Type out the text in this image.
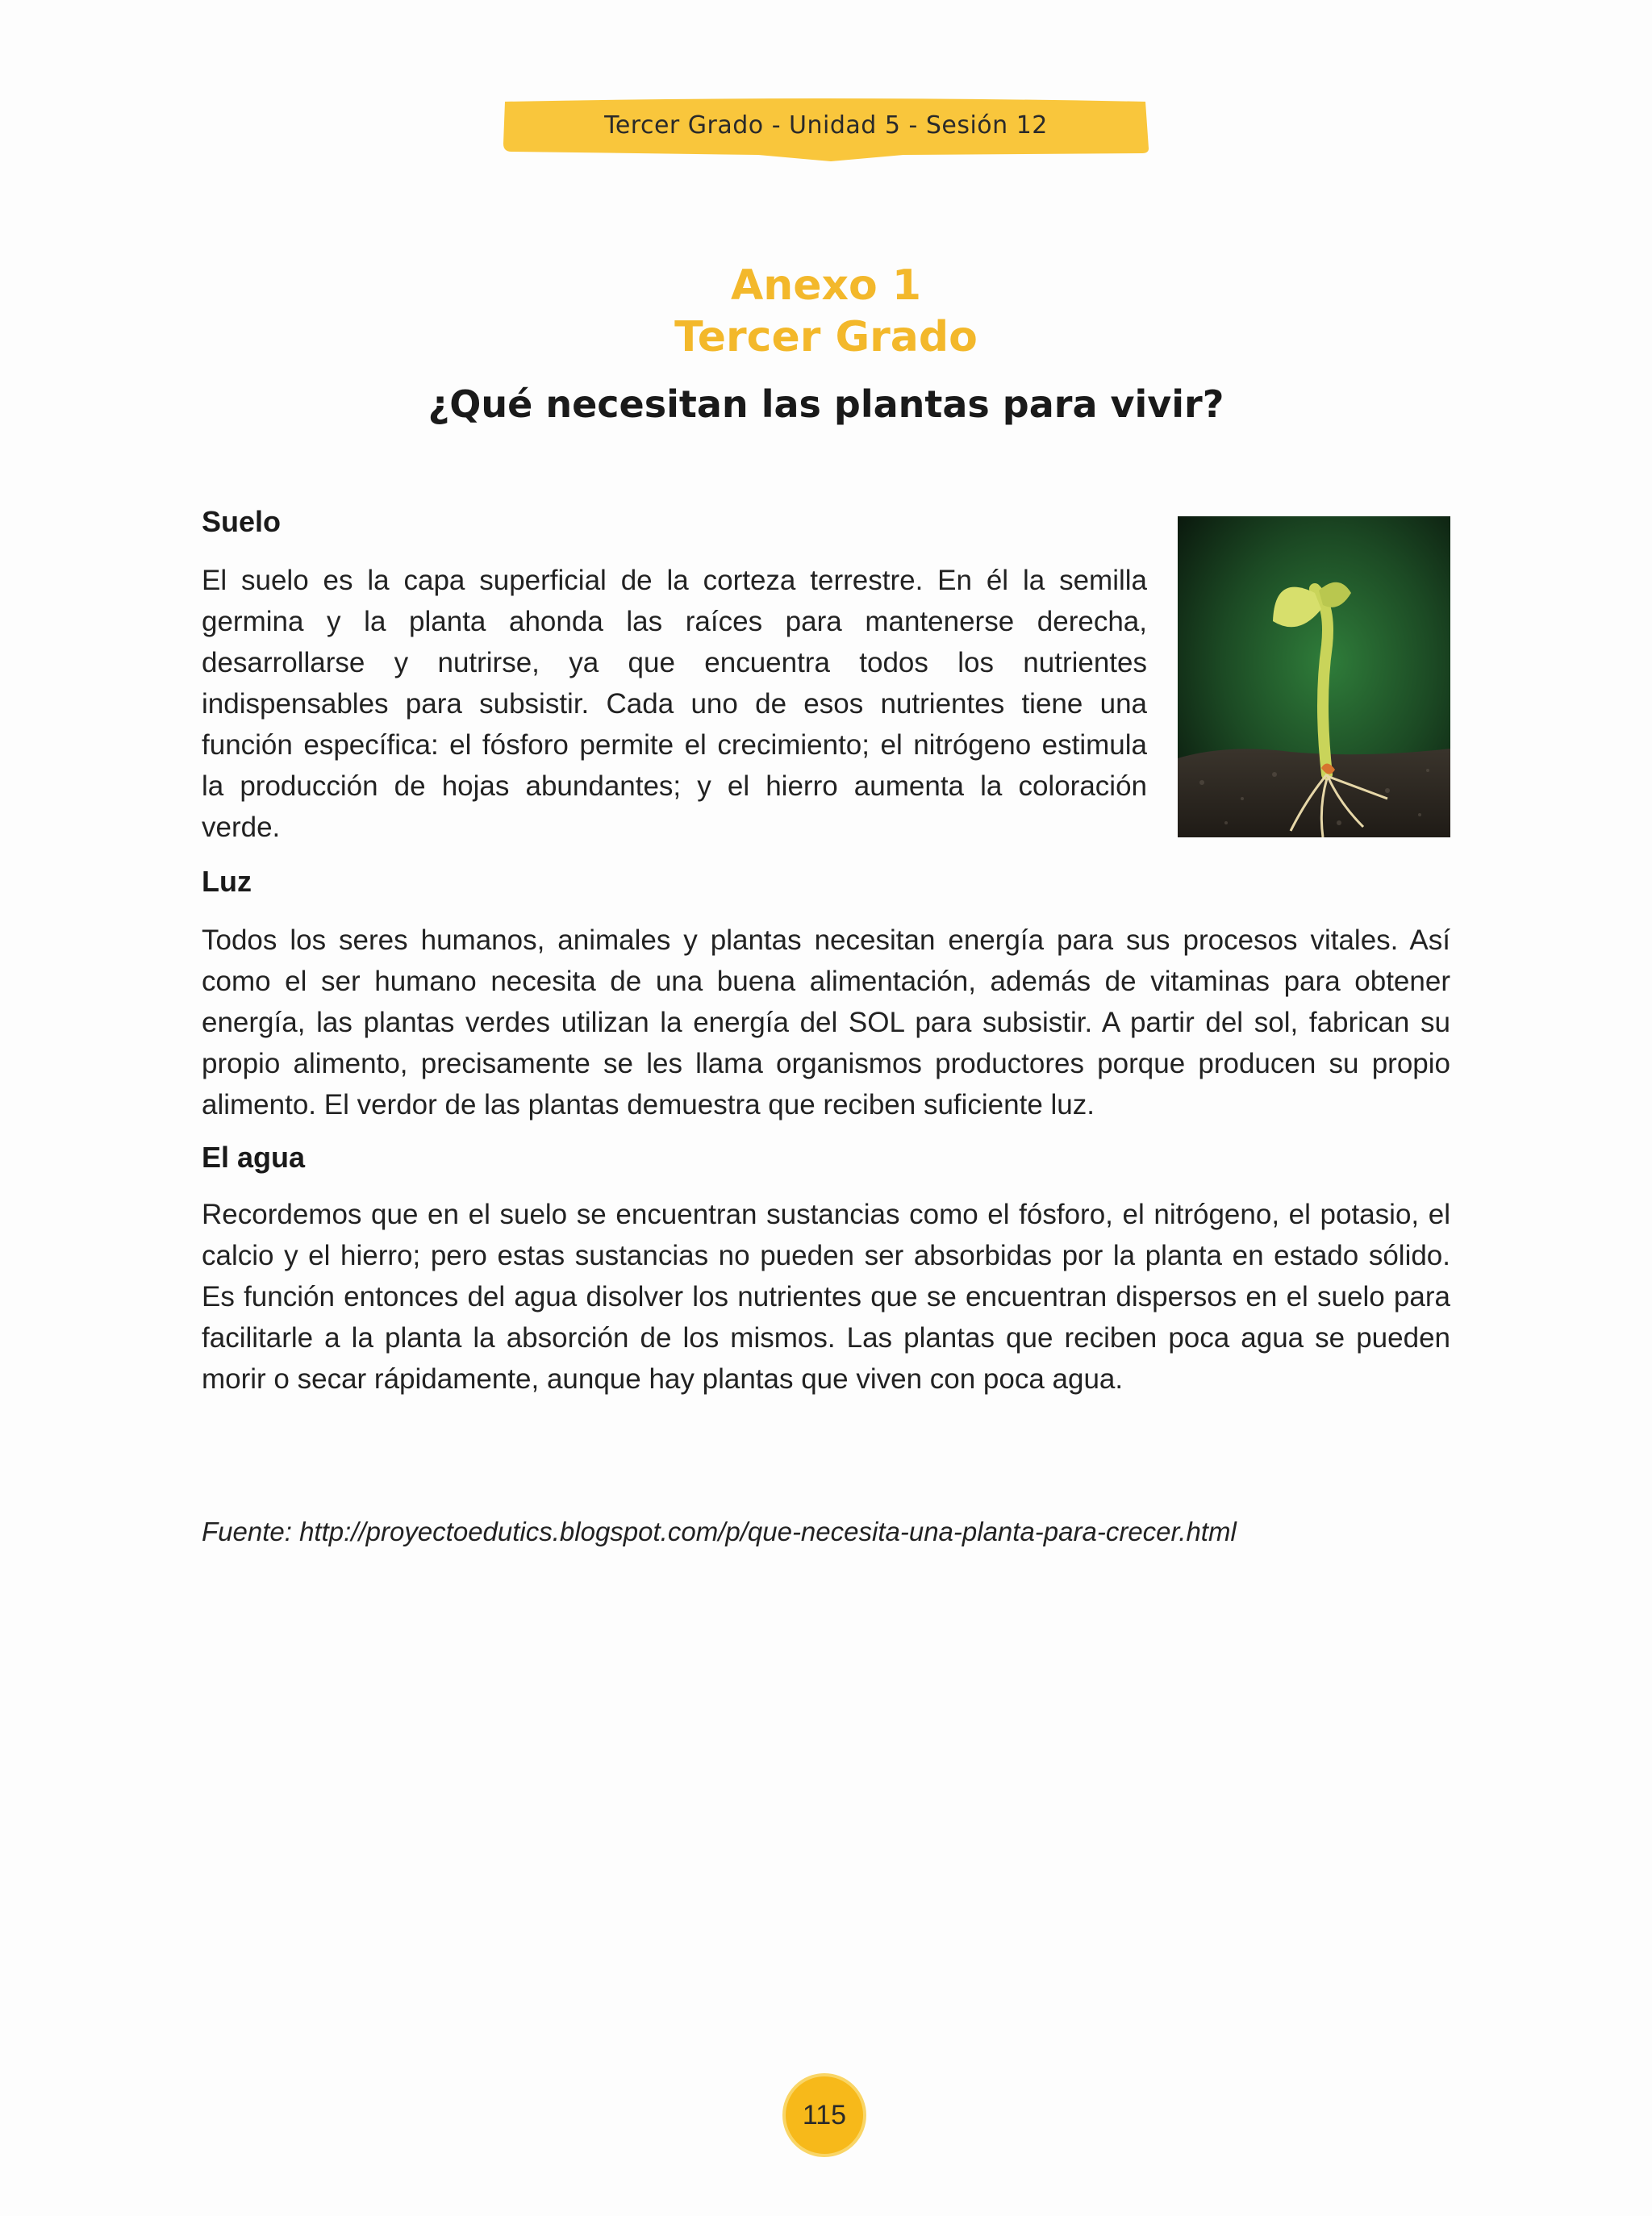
Tercer Grado - Unidad 5 - Sesión 12
Anexo 1
Tercer Grado
¿Qué necesitan las plantas para vivir?
Suelo

El suelo es la capa superficial de la corteza terrestre. En él la semilla germina y la planta ahonda las raíces para mantenerse derecha, desarrollarse y nutrirse, ya que encuentra todos los nutrientes indispensables para subsistir. Cada uno de esos nutrientes tiene una función específica: el fósforo permite el crecimiento; el nitrógeno estimula la producción de hojas abundantes; y el hierro aumenta la coloración verde.

Luz

Todos los seres humanos, animales y plantas necesitan energía para sus procesos vitales. Así como el ser humano necesita de una buena alimentación, además de vitaminas para obtener energía, las plantas verdes utilizan la energía del SOL para subsistir. A partir del sol, fabrican su propio alimento, precisamente se les llama organismos productores porque producen su propio alimento. El verdor de las plantas demuestra que reciben suficiente luz.

El agua

Recordemos que en el suelo se encuentran sustancias como el fósforo, el nitrógeno, el potasio, el calcio y el hierro; pero estas sustancias no pueden ser absorbidas por la planta en estado sólido. Es función entonces del agua disolver los nutrientes que se encuentran dispersos en el suelo para facilitarle a la planta la absorción de los mismos. Las plantas que reciben poca agua se pueden morir o secar rápidamente, aunque hay plantas que viven con poca agua.

Fuente: http://proyectoedutics.blogspot.com/p/que-necesita-una-planta-para-crecer.html
115
